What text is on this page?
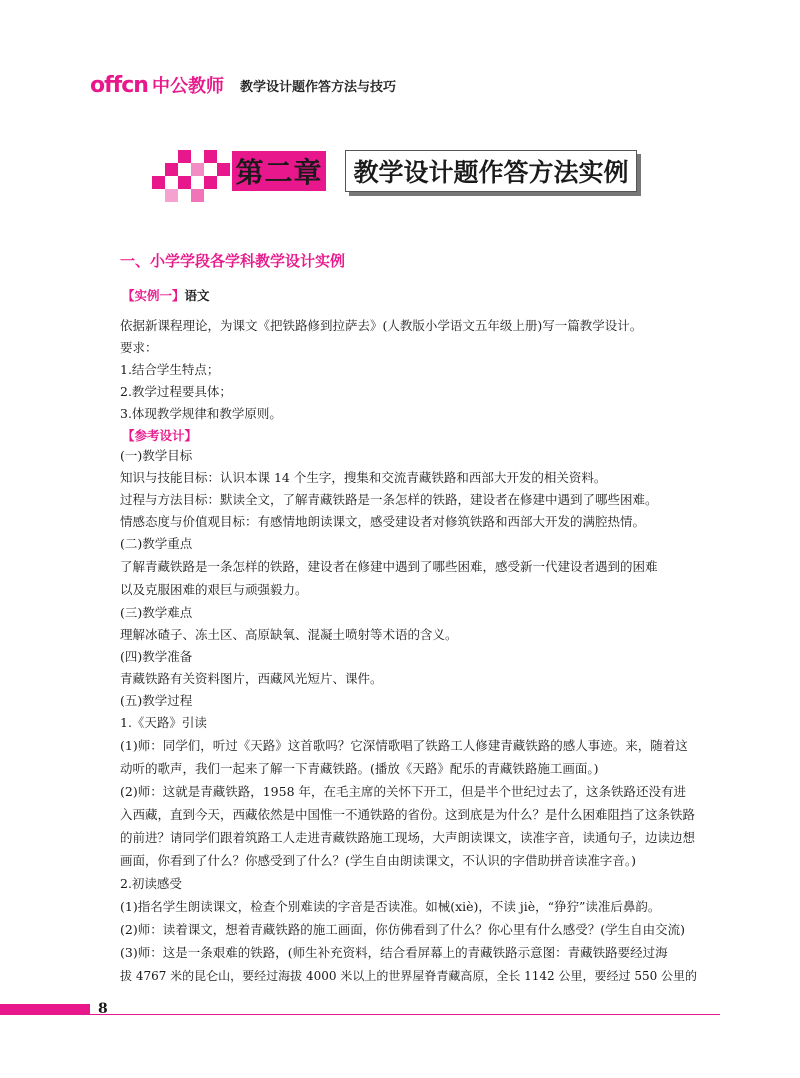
offcn 中公教师 教学设计题作答方法与技巧
第二章	教学设计题作答方法实例
一、小学学段各学科教学设计实例
【实例一】语文
依据新课程理论，为课文《把铁路修到拉萨去》(人教版小学语文五年级上册)写一篇教学设计。
要求：
1.结合学生特点；
2.教学过程要具体；
3.体现教学规律和教学原则。
【参考设计】
(一)教学目标
知识与技能目标：认识本课 14 个生字，搜集和交流青藏铁路和西部大开发的相关资料。
过程与方法目标：默读全文，了解青藏铁路是一条怎样的铁路，建设者在修建中遇到了哪些困难。
情感态度与价值观目标：有感情地朗读课文，感受建设者对修筑铁路和西部大开发的满腔热情。
(二)教学重点
了解青藏铁路是一条怎样的铁路，建设者在修建中遇到了哪些困难，感受新一代建设者遇到的困难
以及克服困难的艰巨与顽强毅力。
(三)教学难点
理解冰碴子、冻土区、高原缺氧、混凝土喷射等术语的含义。
(四)教学准备
青藏铁路有关资料图片，西藏风光短片、课件。
(五)教学过程
1.《天路》引读
(1)师：同学们，听过《天路》这首歌吗？它深情歌唱了铁路工人修建青藏铁路的感人事迹。来，随着这
动听的歌声，我们一起来了解一下青藏铁路。(播放《天路》配乐的青藏铁路施工画面。)
(2)师：这就是青藏铁路，1958 年，在毛主席的关怀下开工，但是半个世纪过去了，这条铁路还没有进
入西藏，直到今天，西藏依然是中国惟一不通铁路的省份。这到底是为什么？是什么困难阻挡了这条铁路
的前进？请同学们跟着筑路工人走进青藏铁路施工现场，大声朗读课文，读准字音，读通句子，边读边想
画面，你看到了什么？你感受到了什么？(学生自由朗读课文，不认识的字借助拼音读准字音。)
2.初读感受
(1)指名学生朗读课文，检查个别难读的字音是否读准。如械(xiè)，不读 jiè，“狰狞”读准后鼻韵。
(2)师：读着课文，想着青藏铁路的施工画面，你仿佛看到了什么？你心里有什么感受？(学生自由交流)
(3)师：这是一条艰难的铁路，(师生补充资料，结合看屏幕上的青藏铁路示意图：青藏铁路要经过海
拔 4767 米的昆仑山，要经过海拔 4000 米以上的世界屋脊青藏高原，全长 1142 公里，要经过 550 公里的
8
